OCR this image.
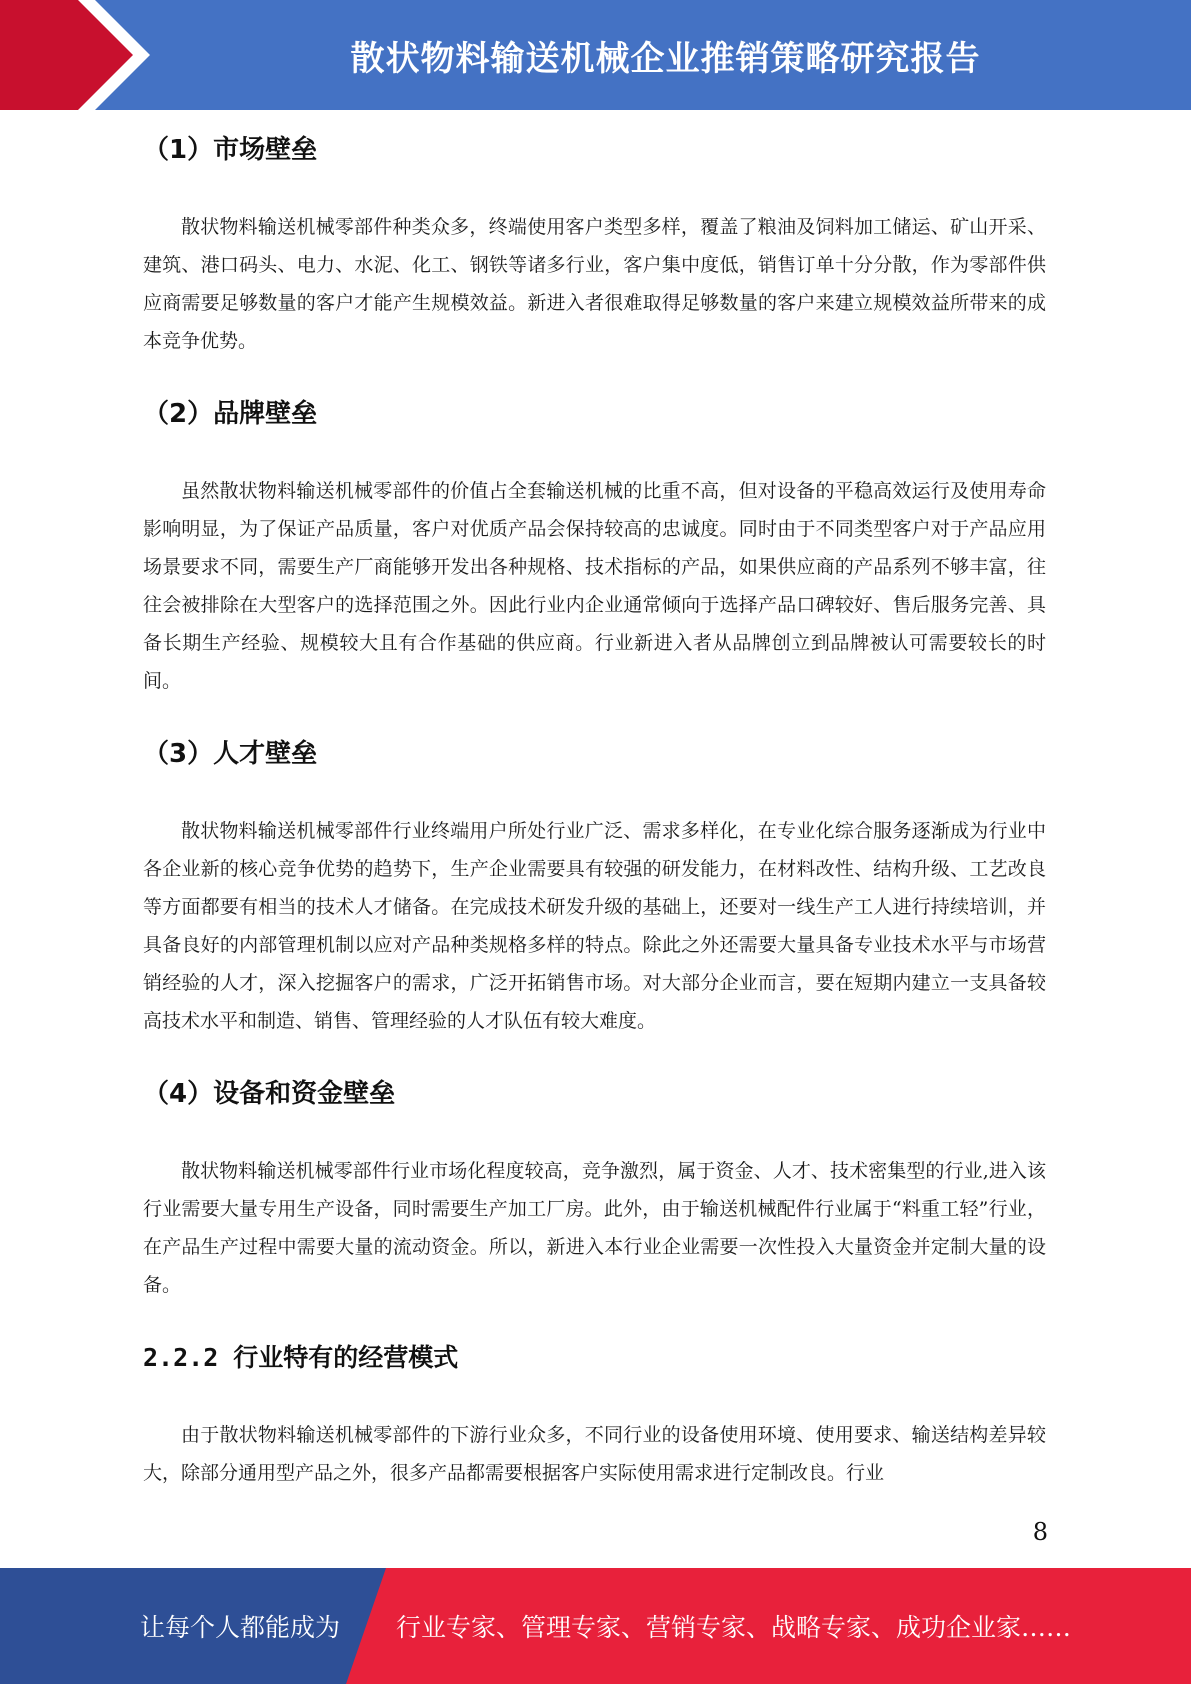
散状物料输送机械企业推销策略研究报告
（1）市场壁垒

散状物料输送机械零部件种类众多，终端使用客户类型多样，覆盖了粮油及饲料加工储运、矿山开采、建筑、港口码头、电力、水泥、化工、钢铁等诸多行业，客户集中度低，销售订单十分分散，作为零部件供应商需要足够数量的客户才能产生规模效益。新进入者很难取得足够数量的客户来建立规模效益所带来的成本竞争优势。

（2）品牌壁垒

虽然散状物料输送机械零部件的价值占全套输送机械的比重不高，但对设备的平稳高效运行及使用寿命影响明显，为了保证产品质量，客户对优质产品会保持较高的忠诚度。同时由于不同类型客户对于产品应用场景要求不同，需要生产厂商能够开发出各种规格、技术指标的产品，如果供应商的产品系列不够丰富，往往会被排除在大型客户的选择范围之外。因此行业内企业通常倾向于选择产品口碑较好、售后服务完善、具备长期生产经验、规模较大且有合作基础的供应商。行业新进入者从品牌创立到品牌被认可需要较长的时间。

（3）人才壁垒

散状物料输送机械零部件行业终端用户所处行业广泛、需求多样化，在专业化综合服务逐渐成为行业中各企业新的核心竞争优势的趋势下，生产企业需要具有较强的研发能力，在材料改性、结构升级、工艺改良等方面都要有相当的技术人才储备。在完成技术研发升级的基础上，还要对一线生产工人进行持续培训，并具备良好的内部管理机制以应对产品种类规格多样的特点。除此之外还需要大量具备专业技术水平与市场营销经验的人才，深入挖掘客户的需求，广泛开拓销售市场。对大部分企业而言，要在短期内建立一支具备较高技术水平和制造、销售、管理经验的人才队伍有较大难度。

（4）设备和资金壁垒

散状物料输送机械零部件行业市场化程度较高，竞争激烈，属于资金、人才、技术密集型的行业,进入该行业需要大量专用生产设备，同时需要生产加工厂房。此外，由于输送机械配件行业属于“料重工轻”行业，在产品生产过程中需要大量的流动资金。所以，新进入本行业企业需要一次性投入大量资金并定制大量的设备。

2.2.2 行业特有的经营模式

由于散状物料输送机械零部件的下游行业众多，不同行业的设备使用环境、使用要求、输送结构差异较大，除部分通用型产品之外，很多产品都需要根据客户实际使用需求进行定制改良。行业

8
让每个人都能成为 行业专家、管理专家、营销专家、战略专家、成功企业家……
